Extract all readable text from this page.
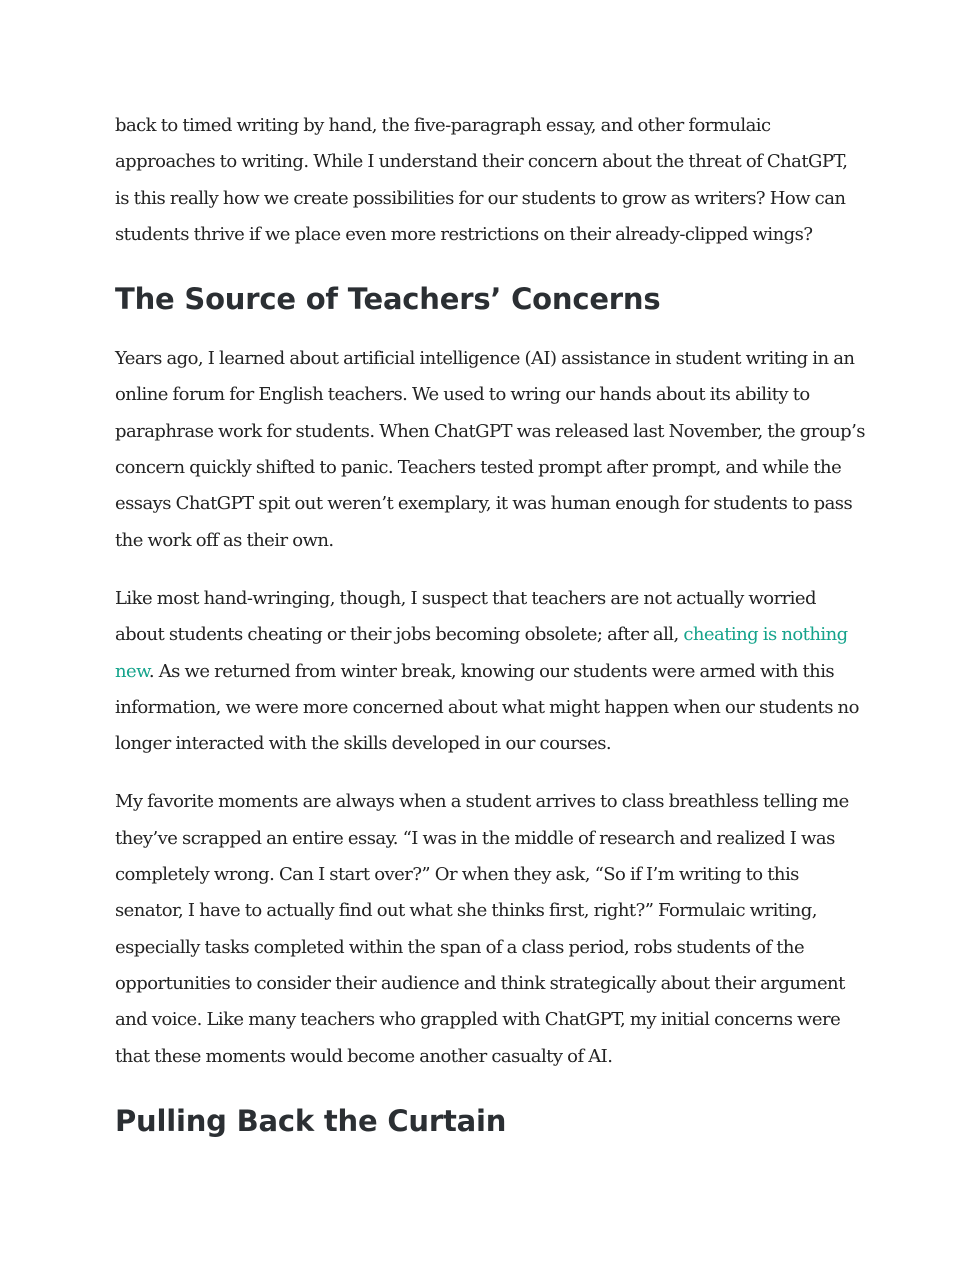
back to timed writing by hand, the five-paragraph essay, and other formulaic approaches to writing. While I understand their concern about the threat of ChatGPT, is this really how we create possibilities for our students to grow as writers? How can students thrive if we place even more restrictions on their already-clipped wings?

The Source of Teachers’ Concerns

Years ago, I learned about artificial intelligence (AI) assistance in student writing in an online forum for English teachers. We used to wring our hands about its ability to paraphrase work for students. When ChatGPT was released last November, the group’s concern quickly shifted to panic. Teachers tested prompt after prompt, and while the essays ChatGPT spit out weren’t exemplary, it was human enough for students to pass the work off as their own.

Like most hand-wringing, though, I suspect that teachers are not actually worried about students cheating or their jobs becoming obsolete; after all, cheating is nothing new. As we returned from winter break, knowing our students were armed with this information, we were more concerned about what might happen when our students no longer interacted with the skills developed in our courses.

My favorite moments are always when a student arrives to class breathless telling me they’ve scrapped an entire essay. “I was in the middle of research and realized I was completely wrong. Can I start over?” Or when they ask, “So if I’m writing to this senator, I have to actually find out what she thinks first, right?” Formulaic writing, especially tasks completed within the span of a class period, robs students of the opportunities to consider their audience and think strategically about their argument and voice. Like many teachers who grappled with ChatGPT, my initial concerns were that these moments would become another casualty of AI.

Pulling Back the Curtain
